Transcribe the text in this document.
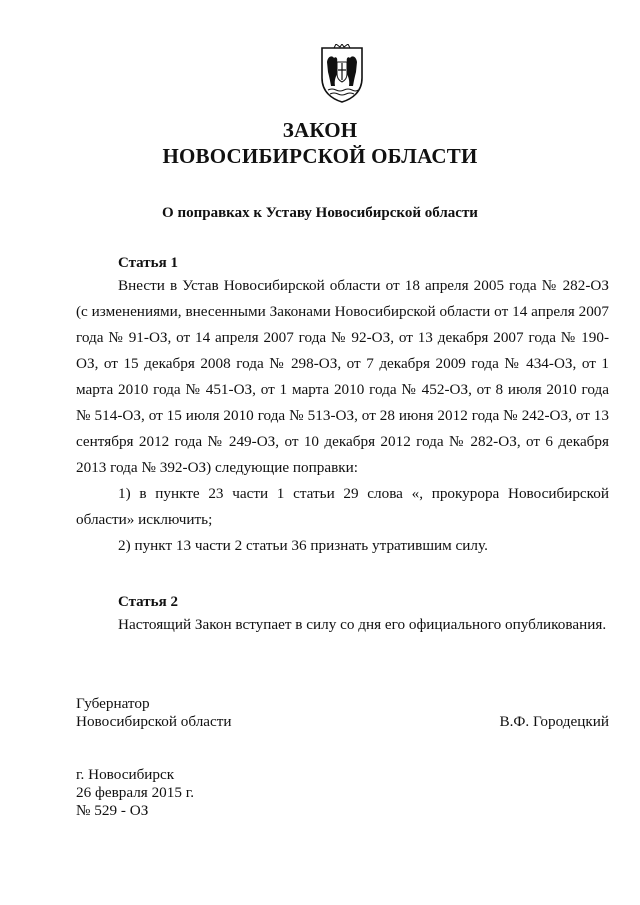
ЗАКОН
НОВОСИБИРСКОЙ ОБЛАСТИ
О поправках к Уставу Новосибирской области
Статья 1

Внести в Устав Новосибирской области от 18 апреля 2005 года № 282-ОЗ (с изменениями, внесенными Законами Новосибирской области от 14 апреля 2007 года № 91-ОЗ, от 14 апреля 2007 года № 92-ОЗ, от 13 декабря 2007 года № 190-ОЗ, от 15 декабря 2008 года № 298-ОЗ, от 7 декабря 2009 года № 434-ОЗ, от 1 марта 2010 года № 451-ОЗ, от 1 марта 2010 года № 452-ОЗ, от 8 июля 2010 года № 514-ОЗ, от 15 июля 2010 года № 513-ОЗ, от 28 июня 2012 года № 242-ОЗ, от 13 сентября 2012 года № 249-ОЗ, от 10 декабря 2012 года № 282-ОЗ, от 6 декабря 2013 года № 392-ОЗ) следующие поправки:

1) в пункте 23 части 1 статьи 29 слова «, прокурора Новосибирской области» исключить;

2) пункт 13 части 2 статьи 36 признать утратившим силу.

Статья 2

Настоящий Закон вступает в силу со дня его официального опубликования.

Губернатор
Новосибирской области	В.Ф. Городецкий
г. Новосибирск
26 февраля 2015 г.
№ 529 - ОЗ
